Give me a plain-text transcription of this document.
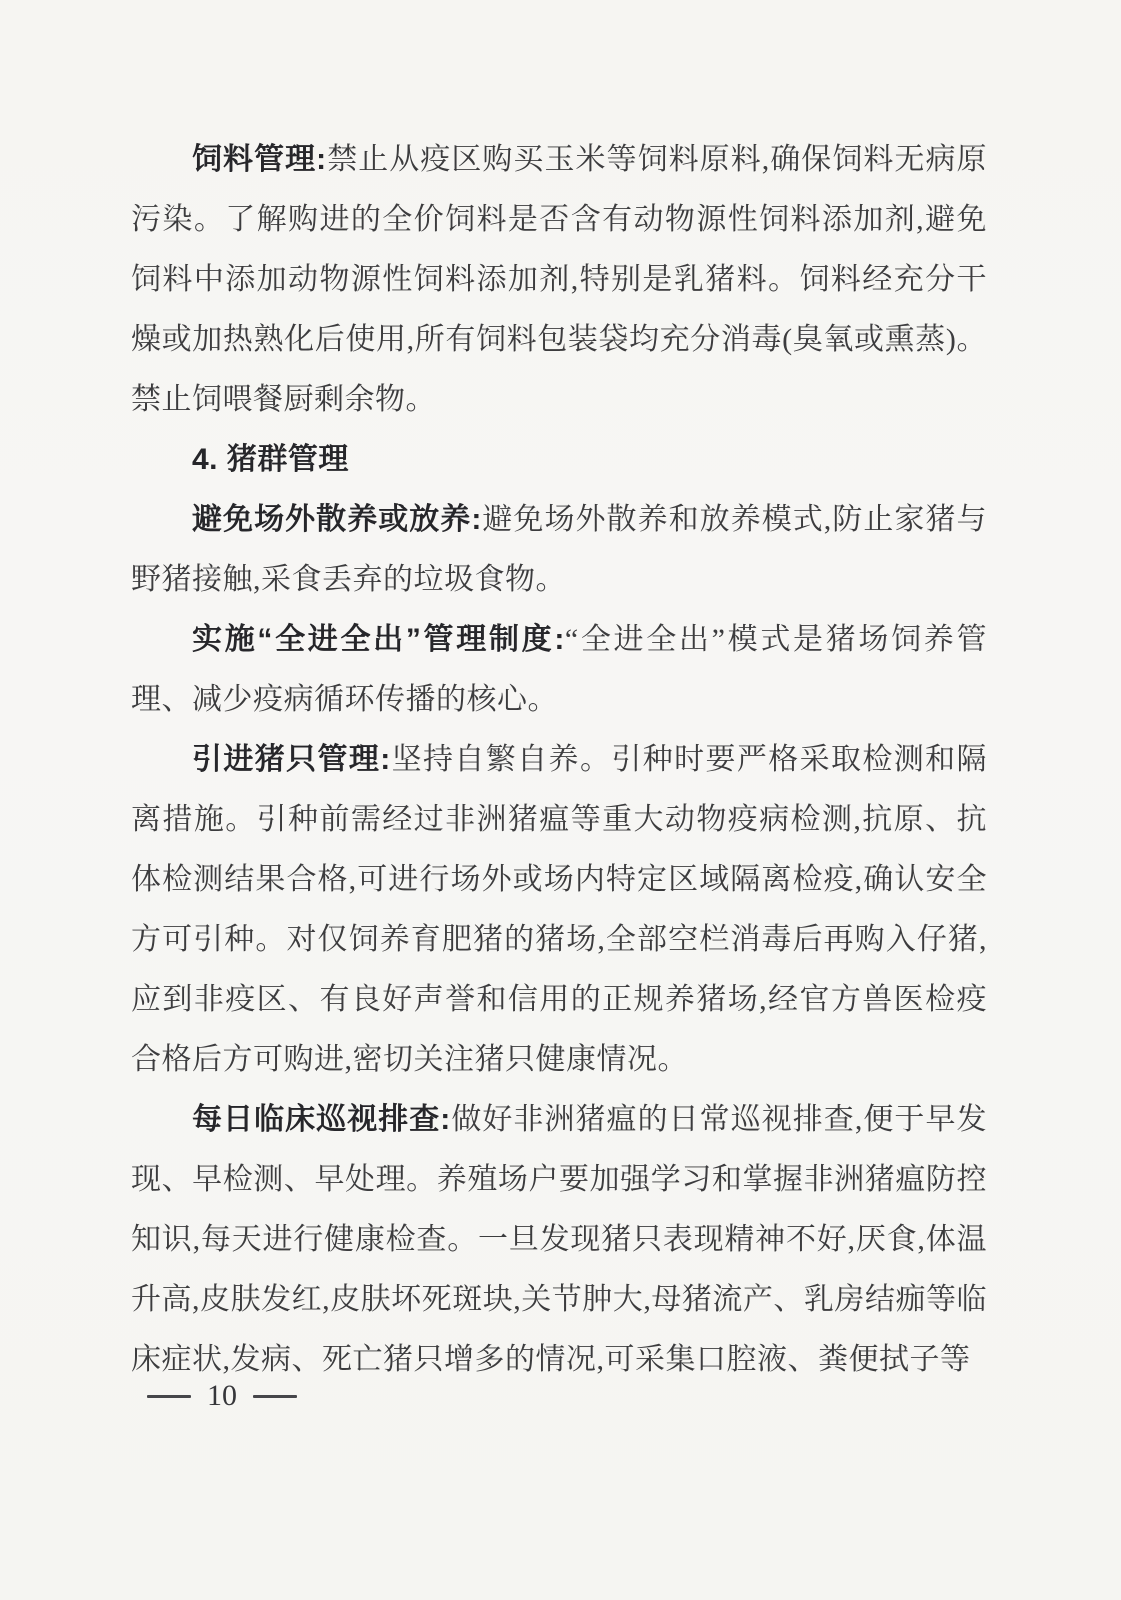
饲料管理:禁止从疫区购买玉米等饲料原料,确保饲料无病原污染。了解购进的全价饲料是否含有动物源性饲料添加剂,避免饲料中添加动物源性饲料添加剂,特别是乳猪料。饲料经充分干燥或加热熟化后使用,所有饲料包装袋均充分消毒(臭氧或熏蒸)。禁止饲喂餐厨剩余物。

4. 猪群管理

避免场外散养或放养:避免场外散养和放养模式,防止家猪与野猪接触,采食丢弃的垃圾食物。

实施“全进全出”管理制度:“全进全出”模式是猪场饲养管理、减少疫病循环传播的核心。

引进猪只管理:坚持自繁自养。引种时要严格采取检测和隔离措施。引种前需经过非洲猪瘟等重大动物疫病检测,抗原、抗体检测结果合格,可进行场外或场内特定区域隔离检疫,确认安全方可引种。对仅饲养育肥猪的猪场,全部空栏消毒后再购入仔猪,应到非疫区、有良好声誉和信用的正规养猪场,经官方兽医检疫合格后方可购进,密切关注猪只健康情况。

每日临床巡视排查:做好非洲猪瘟的日常巡视排查,便于早发现、早检测、早处理。养殖场户要加强学习和掌握非洲猪瘟防控知识,每天进行健康检查。一旦发现猪只表现精神不好,厌食,体温升高,皮肤发红,皮肤坏死斑块,关节肿大,母猪流产、乳房结痂等临床症状,发病、死亡猪只增多的情况,可采集口腔液、粪便拭子等

10
